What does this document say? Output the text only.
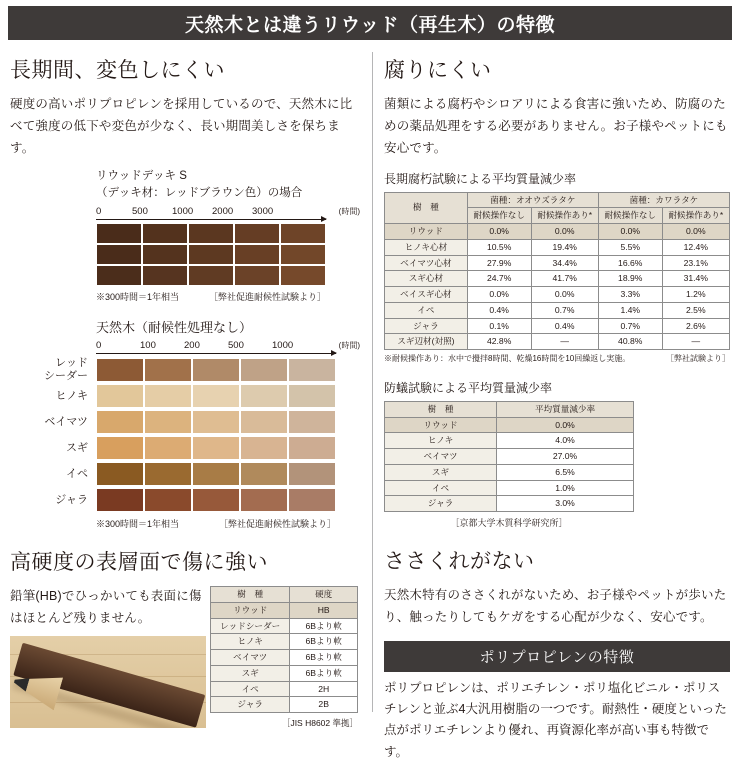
天然木とは違うリウッド（再生木）の特徴
長期間、変色しにくい

硬度の高いポリプロピレンを採用しているので、天然木に比べて強度の低下や変色が少なく、長い期間美しさを保ちます。

リウッドデッキ S
（デッキ材：レッドブラウン色）の場合
0	500	1000	2000	3000	(時間)
※300時間＝1年相当	［弊社促進耐候性試験より］
天然木（耐候性処理なし）
0	100	200	500	1000	(時間)
レッド
シーダー
ヒノキ
ベイマツ
スギ
イペ
ジャラ
※300時間＝1年相当	［弊社促進耐候性試験より］
高硬度の表層面で傷に強い

鉛筆(HB)でひっかいても表面に傷はほとんど残りません。

樹　種	硬度
リウッド	HB
レッドシーダー	6Bより軟
ヒノキ	6Bより軟
ベイマツ	6Bより軟
スギ	6Bより軟
イペ	2H
ジャラ	2B
［JIS H8602 準拠］
腐りにくい

菌類による腐朽やシロアリによる食害に強いため、防腐のための薬品処理をする必要がありません。お子様やペットにも安心です。

長期腐朽試験による平均質量減少率
樹　種	菌種：オオウズラタケ		菌種：カワラタケ	
	耐候操作なし	耐候操作あり*	耐候操作なし	耐候操作あり*
リウッド	0.0%	0.0%	0.0%	0.0%
ヒノキ心材	10.5%	19.4%	5.5%	12.4%
ベイマツ心材	27.9%	34.4%	16.6%	23.1%
スギ心材	24.7%	41.7%	18.9%	31.4%
ベイスギ心材	0.0%	0.0%	3.3%	1.2%
イペ	0.4%	0.7%	1.4%	2.5%
ジャラ	0.1%	0.4%	0.7%	2.6%
スギ辺材(対照)	42.8%	—	40.8%	—
［弊社試験より］
※耐候操作あり：水中で攪拌8時間、乾燥16時間を10回繰返し実施。
防蟻試験による平均質量減少率
樹　種	平均質量減少率
リウッド	0.0%
ヒノキ	4.0%
ベイマツ	27.0%
スギ	6.5%
イペ	1.0%
ジャラ	3.0%
［京都大学木質科学研究所］
ささくれがない

天然木特有のささくれがないため、お子様やペットが歩いたり、触ったりしてもケガをする心配が少なく、安心です。

ポリプロピレンの特徴
ポリプロピレンは、ポリエチレン・ポリ塩化ビニル・ポリスチレンと並ぶ4大汎用樹脂の一つです。耐熱性・硬度といった点がポリエチレンより優れ、再資源化率が高い事も特徴です。
